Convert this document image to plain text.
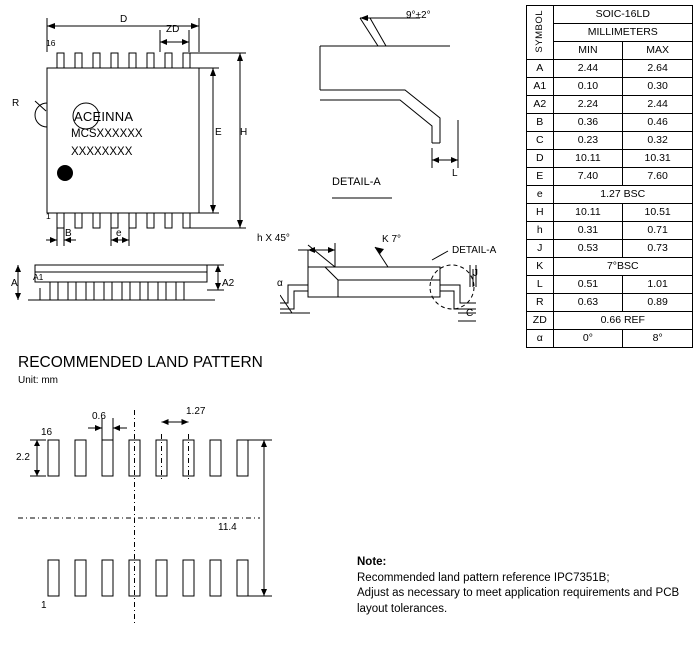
D
ZD
E H
B	e
R
16
1
ACEINNA
MCSXXXXXX
XXXXXXXX
A
A1
A2
9°±2°
DETAIL-A
L
h X 45°	K 7°
DETAIL-A
J
C
α
RECOMMENDED LAND PATTERN
Unit: mm
0.6	1.27
2.2
11.4
16
1
Note:
Recommended land pattern reference IPC7351B;
Adjust as necessary to meet application requirements and PCB
layout tolerances.
SYMBOL	SOIC-16LD	
	MILLIMETERS	
	MIN	MAX
A	2.44	2.64
A1	0.10	0.30
A2	2.24	2.44
B	0.36	0.46
C	0.23	0.32
D	10.11	10.31
E	7.40	7.60
e	1.27 BSC	
H	10.11	10.51
h	0.31	0.71
J	0.53	0.73
K	7°BSC	
L	0.51	1.01
R	0.63	0.89
ZD	0.66 REF	
α	0°	8°
